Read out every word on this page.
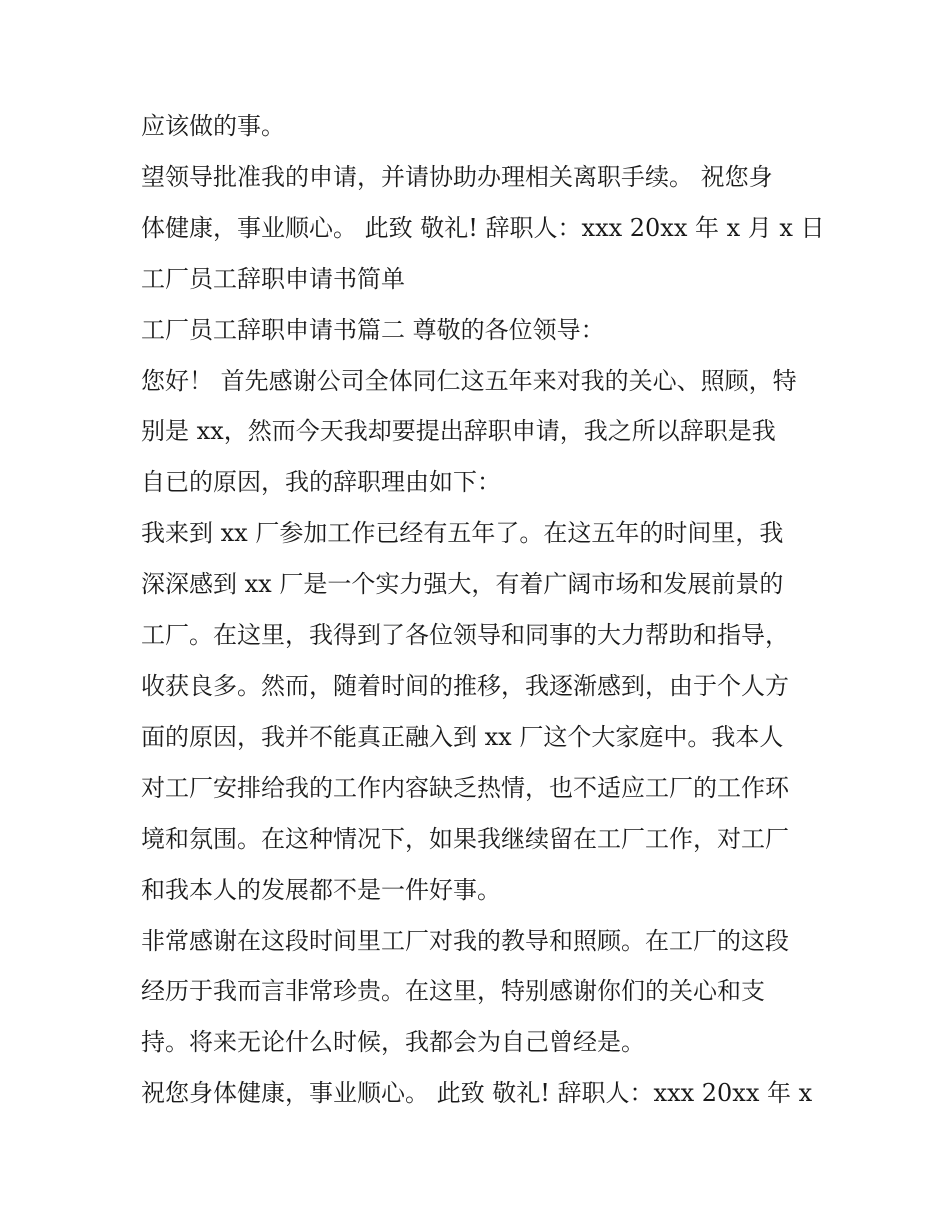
应该做的事。

望领导批准我的申请，并请协助办理相关离职手续。 祝您身

体健康，事业顺心。 此致 敬礼! 辞职人：xxx 20xx 年 x 月 x 日

工厂员工辞职申请书简单

工厂员工辞职申请书篇二 尊敬的各位领导：

您好！ 首先感谢公司全体同仁这五年来对我的关心、照顾，特

别是 xx，然而今天我却要提出辞职申请，我之所以辞职是我

自已的原因，我的辞职理由如下：

我来到 xx 厂参加工作已经有五年了。在这五年的时间里，我

深深感到 xx 厂是一个实力强大，有着广阔市场和发展前景的

工厂。在这里，我得到了各位领导和同事的大力帮助和指导，

收获良多。然而，随着时间的推移，我逐渐感到，由于个人方

面的原因，我并不能真正融入到 xx 厂这个大家庭中。我本人

对工厂安排给我的工作内容缺乏热情，也不适应工厂的工作环

境和氛围。在这种情况下，如果我继续留在工厂工作，对工厂

和我本人的发展都不是一件好事。

非常感谢在这段时间里工厂对我的教导和照顾。在工厂的这段

经历于我而言非常珍贵。在这里，特别感谢你们的关心和支

持。将来无论什么时候，我都会为自己曾经是。

祝您身体健康，事业顺心。 此致 敬礼! 辞职人：xxx 20xx 年 x
